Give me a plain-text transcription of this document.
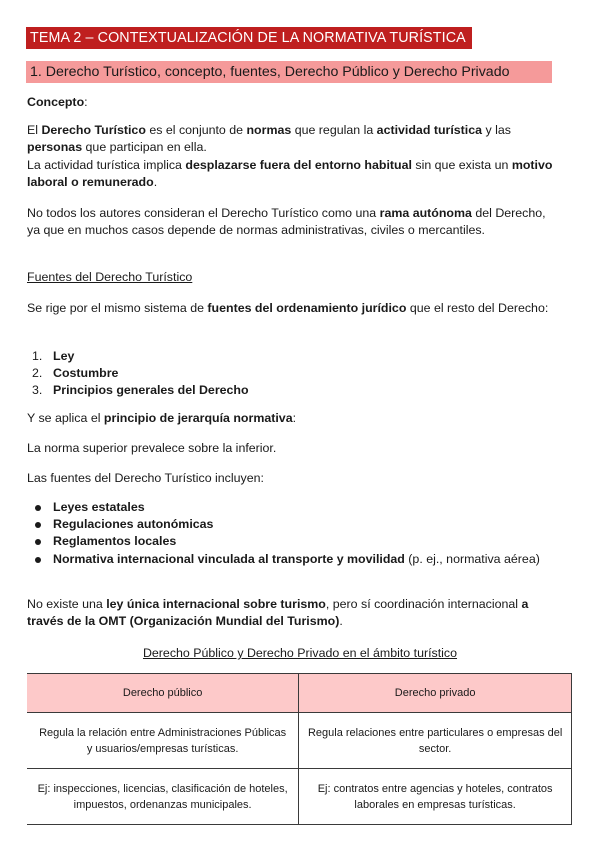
TEMA 2 – CONTEXTUALIZACIÓN DE LA NORMATIVA TURÍSTICA
1. Derecho Turístico, concepto, fuentes, Derecho Público y Derecho Privado

Concepto:

El Derecho Turístico es el conjunto de normas que regulan la actividad turística y las personas que participan en ella.
La actividad turística implica desplazarse fuera del entorno habitual sin que exista un motivo laboral o remunerado.

No todos los autores consideran el Derecho Turístico como una rama autónoma del Derecho, ya que en muchos casos depende de normas administrativas, civiles o mercantiles.

Fuentes del Derecho Turístico

Se rige por el mismo sistema de fuentes del ordenamiento jurídico que el resto del Derecho:

1. Ley
2. Costumbre
3. Principios generales del Derecho

Y se aplica el principio de jerarquía normativa:

La norma superior prevalece sobre la inferior.

Las fuentes del Derecho Turístico incluyen:

Leyes estatales
Regulaciones autonómicas
Reglamentos locales
Normativa internacional vinculada al transporte y movilidad (p. ej., normativa aérea)

No existe una ley única internacional sobre turismo, pero sí coordinación internacional a través de la OMT (Organización Mundial del Turismo).

Derecho Público y Derecho Privado en el ámbito turístico
Derecho público	Derecho privado
Regula la relación entre Administraciones Públicas y usuarios/empresas turísticas.	Regula relaciones entre particulares o empresas del sector.
Ej: inspecciones, licencias, clasificación de hoteles, impuestos, ordenanzas municipales.	Ej: contratos entre agencias y hoteles, contratos laborales en empresas turísticas.
